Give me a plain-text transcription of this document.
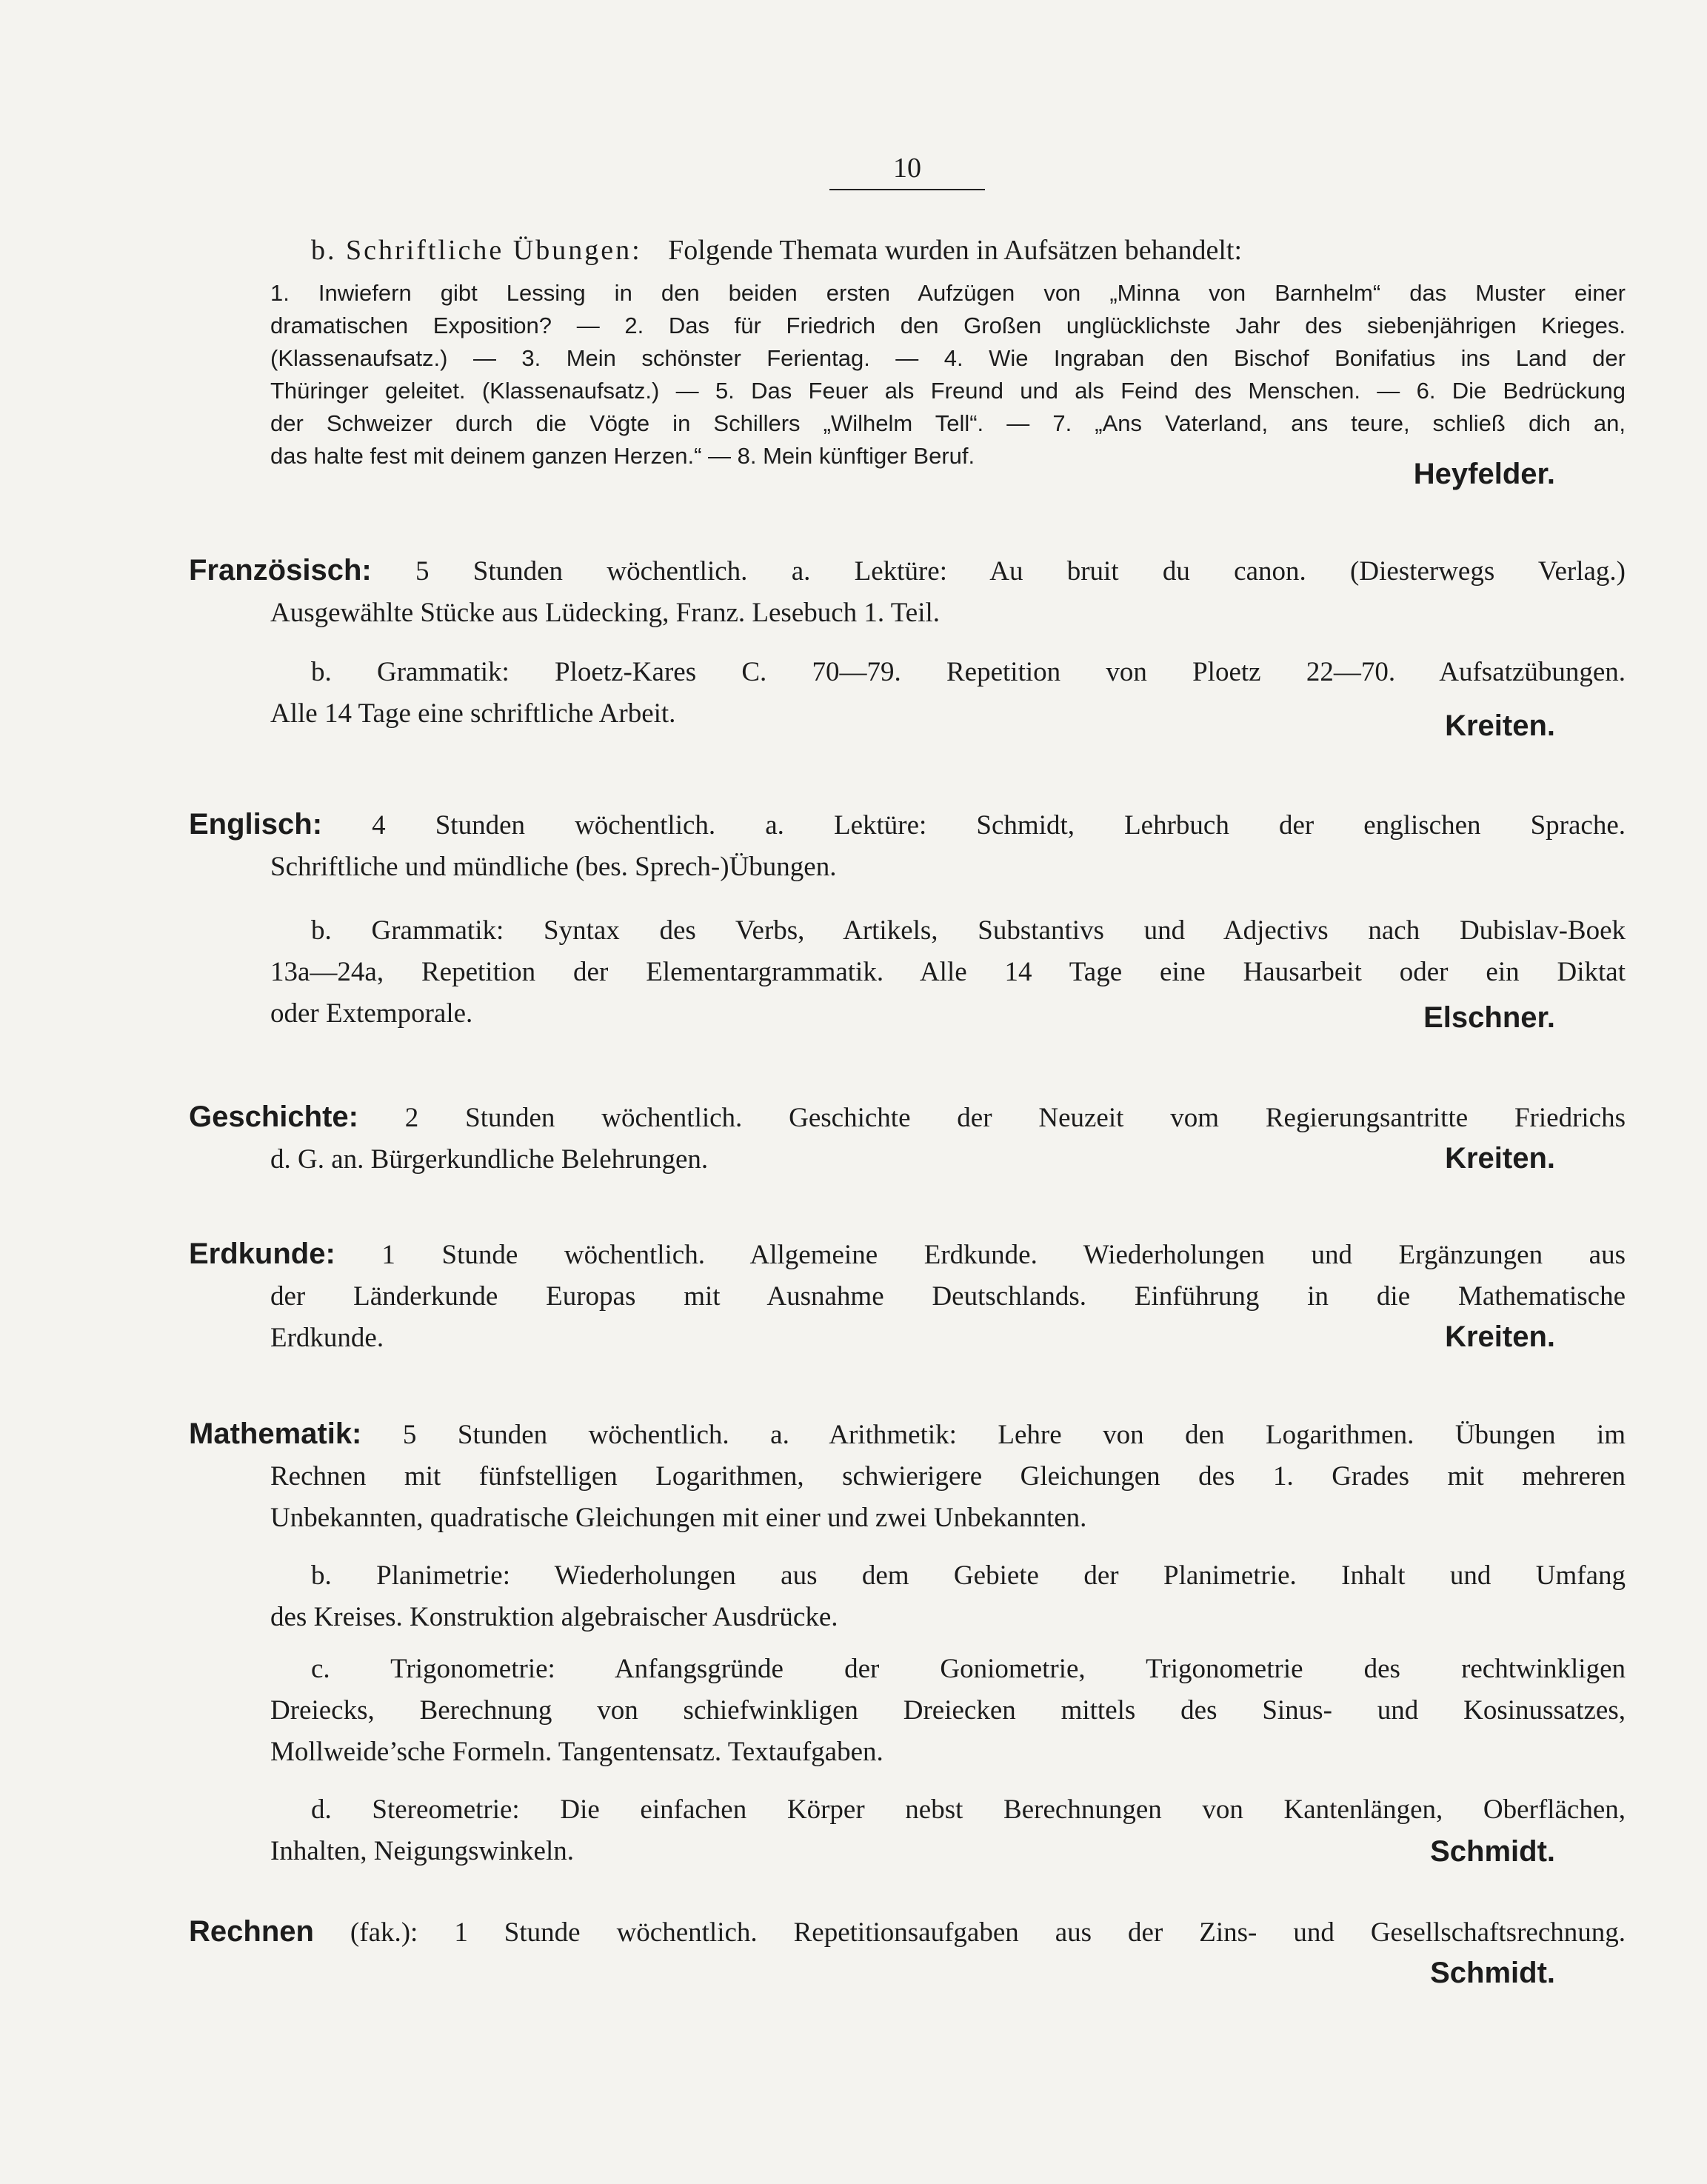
10
b. Schriftliche Übungen: Folgende Themata wurden in Aufsätzen behandelt:
1. Inwiefern gibt Lessing in den beiden ersten Aufzügen von „Minna von Barnhelm“ das Muster einer
dramatischen Exposition? — 2. Das für Friedrich den Großen unglücklichste Jahr des siebenjährigen Krieges.
(Klassenaufsatz.) — 3. Mein schönster Ferientag. — 4. Wie Ingraban den Bischof Bonifatius ins Land der
Thüringer geleitet. (Klassenaufsatz.) — 5. Das Feuer als Freund und als Feind des Menschen. — 6. Die Bedrückung
der Schweizer durch die Vögte in Schillers „Wilhelm Tell“. — 7. „Ans Vaterland, ans teure, schließ dich an,
das halte fest mit deinem ganzen Herzen.“ — 8. Mein künftiger Beruf.
Heyfelder.
Französisch: 5 Stunden wöchentlich. a. Lektüre: Au bruit du canon. (Diesterwegs Verlag.)
Ausgewählte Stücke aus Lüdecking, Franz. Lesebuch 1. Teil.
b. Grammatik: Ploetz-Kares C. 70—79. Repetition von Ploetz 22—70. Aufsatzübungen.
Alle 14 Tage eine schriftliche Arbeit.	Kreiten.
Englisch: 4 Stunden wöchentlich. a. Lektüre: Schmidt, Lehrbuch der englischen Sprache.
Schriftliche und mündliche (bes. Sprech-)Übungen.
b. Grammatik: Syntax des Verbs, Artikels, Substantivs und Adjectivs nach Dubislav-Boek
13a—24a, Repetition der Elementargrammatik. Alle 14 Tage eine Hausarbeit oder ein Diktat
oder Extemporale.	Elschner.
Geschichte: 2 Stunden wöchentlich. Geschichte der Neuzeit vom Regierungsantritte Friedrichs
d. G. an. Bürgerkundliche Belehrungen.	Kreiten.
Erdkunde: 1 Stunde wöchentlich. Allgemeine Erdkunde. Wiederholungen und Ergänzungen aus
der Länderkunde Europas mit Ausnahme Deutschlands. Einführung in die Mathematische
Erdkunde.	Kreiten.
Mathematik: 5 Stunden wöchentlich. a. Arithmetik: Lehre von den Logarithmen. Übungen im
Rechnen mit fünfstelligen Logarithmen, schwierigere Gleichungen des 1. Grades mit mehreren
Unbekannten, quadratische Gleichungen mit einer und zwei Unbekannten.
b. Planimetrie: Wiederholungen aus dem Gebiete der Planimetrie. Inhalt und Umfang
des Kreises. Konstruktion algebraischer Ausdrücke.
c. Trigonometrie: Anfangsgründe der Goniometrie, Trigonometrie des rechtwinkligen
Dreiecks, Berechnung von schiefwinkligen Dreiecken mittels des Sinus- und Kosinussatzes,
Mollweide’sche Formeln. Tangentensatz. Textaufgaben.
d. Stereometrie: Die einfachen Körper nebst Berechnungen von Kantenlängen, Oberflächen,
Inhalten, Neigungswinkeln.	Schmidt.
Rechnen (fak.): 1 Stunde wöchentlich. Repetitionsaufgaben aus der Zins- und Gesellschaftsrechnung.
Schmidt.
